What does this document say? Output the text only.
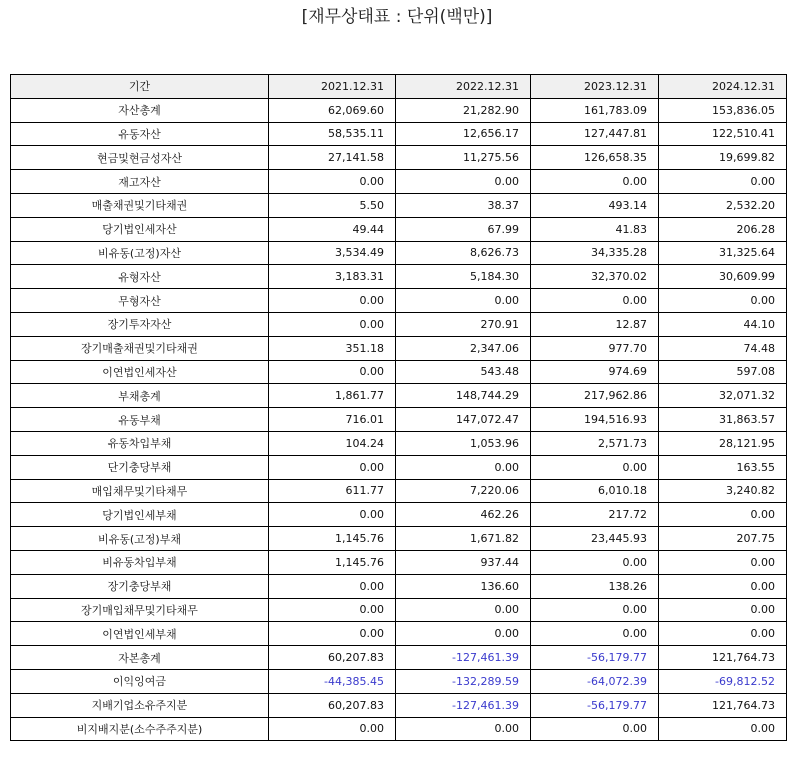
[재무상태표 : 단위(백만)]
기간	2021.12.31	2022.12.31	2023.12.31	2024.12.31
자산총계	62,069.60	21,282.90	161,783.09	153,836.05
유동자산	58,535.11	12,656.17	127,447.81	122,510.41
현금및현금성자산	27,141.58	11,275.56	126,658.35	19,699.82
재고자산	0.00	0.00	0.00	0.00
매출채권및기타채권	5.50	38.37	493.14	2,532.20
당기법인세자산	49.44	67.99	41.83	206.28
비유동(고정)자산	3,534.49	8,626.73	34,335.28	31,325.64
유형자산	3,183.31	5,184.30	32,370.02	30,609.99
무형자산	0.00	0.00	0.00	0.00
장기투자자산	0.00	270.91	12.87	44.10
장기매출채권및기타채권	351.18	2,347.06	977.70	74.48
이연법인세자산	0.00	543.48	974.69	597.08
부채총계	1,861.77	148,744.29	217,962.86	32,071.32
유동부채	716.01	147,072.47	194,516.93	31,863.57
유동차입부채	104.24	1,053.96	2,571.73	28,121.95
단기충당부채	0.00	0.00	0.00	163.55
매입채무및기타채무	611.77	7,220.06	6,010.18	3,240.82
당기법인세부채	0.00	462.26	217.72	0.00
비유동(고정)부채	1,145.76	1,671.82	23,445.93	207.75
비유동차입부채	1,145.76	937.44	0.00	0.00
장기충당부채	0.00	136.60	138.26	0.00
장기매입채무및기타채무	0.00	0.00	0.00	0.00
이연법인세부채	0.00	0.00	0.00	0.00
자본총계	60,207.83	-127,461.39	-56,179.77	121,764.73
이익잉여금	-44,385.45	-132,289.59	-64,072.39	-69,812.52
지배기업소유주지분	60,207.83	-127,461.39	-56,179.77	121,764.73
비지배지분(소수주주지분)	0.00	0.00	0.00	0.00
